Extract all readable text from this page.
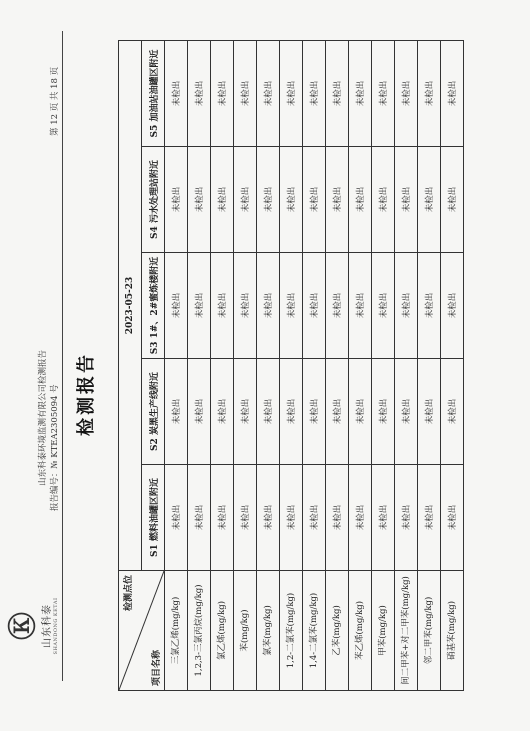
Ⓚ 山东科泰 SHANDONG KETAI
山东科泰环境监测有限公司检测报告 报告编号：№ KTEA2305094 号
第 12 页 共 18 页
检测报告
检测点位
项目名称	2023-05-23				
	S1 燃料油罐区附近	S2 炭黑生产线附近	S3 1#、2#蜜炼楼附近	S4 污水处理站附近	S5 加油站油罐区附近
三氯乙烯(mg/kg)	未检出	未检出	未检出	未检出	未检出
1,2,3-三氯丙烷(mg/kg)	未检出	未检出	未检出	未检出	未检出
氯乙烯(mg/kg)	未检出	未检出	未检出	未检出	未检出
苯(mg/kg)	未检出	未检出	未检出	未检出	未检出
氯苯(mg/kg)	未检出	未检出	未检出	未检出	未检出
1,2-二氯苯(mg/kg)	未检出	未检出	未检出	未检出	未检出
1,4-二氯苯(mg/kg)	未检出	未检出	未检出	未检出	未检出
乙苯(mg/kg)	未检出	未检出	未检出	未检出	未检出
苯乙烯(mg/kg)	未检出	未检出	未检出	未检出	未检出
甲苯(mg/kg)	未检出	未检出	未检出	未检出	未检出
间二甲苯+对二甲苯(mg/kg)	未检出	未检出	未检出	未检出	未检出
邻二甲苯(mg/kg)	未检出	未检出	未检出	未检出	未检出
硝基苯(mg/kg)	未检出	未检出	未检出	未检出	未检出
